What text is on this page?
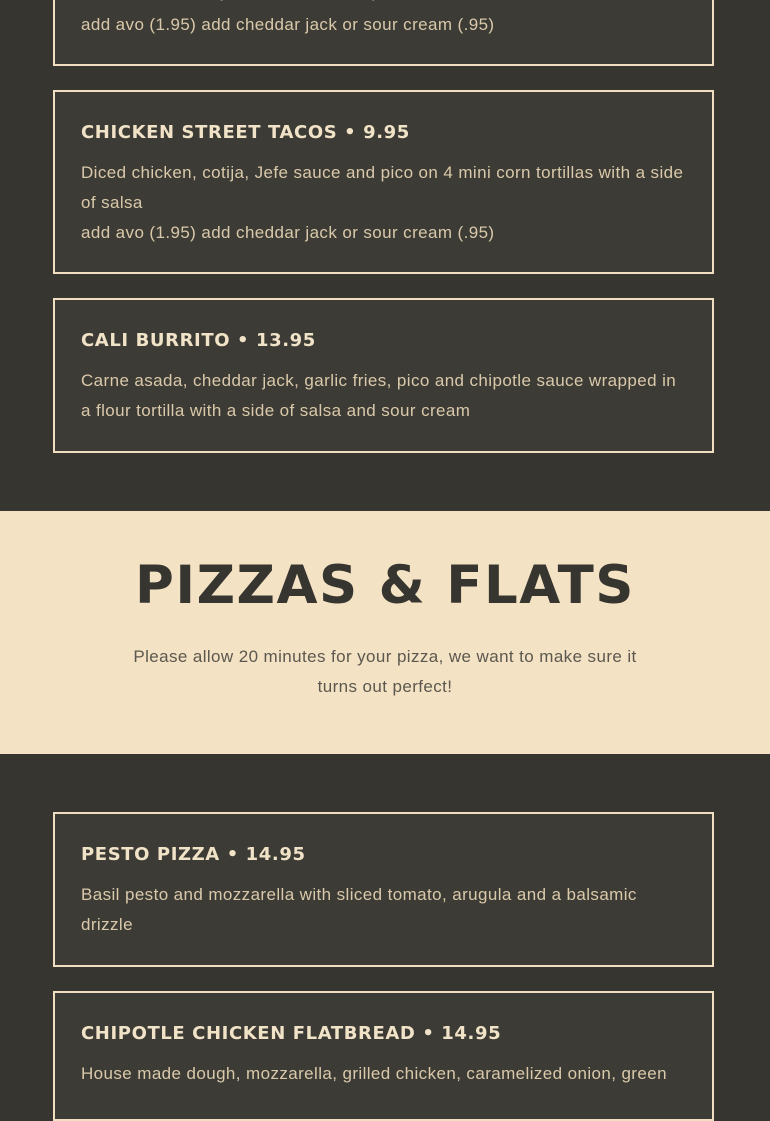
add avo (1.95) add cheddar jack or sour cream (.95)

CHICKEN STREET TACOS • 9.95

Diced chicken, cotija, Jefe sauce and pico on 4 mini corn tortillas with a side of salsa

add avo (1.95) add cheddar jack or sour cream (.95)

CALI BURRITO • 13.95

Carne asada, cheddar jack, garlic fries, pico and chipotle sauce wrapped in a flour tortilla with a side of salsa and sour cream

PIZZAS & FLATS

Please allow 20 minutes for your pizza, we want to make sure it turns out perfect!

PESTO PIZZA • 14.95

Basil pesto and mozzarella with sliced tomato, arugula and a balsamic drizzle

CHIPOTLE CHICKEN FLATBREAD • 14.95

House made dough, mozzarella, grilled chicken, caramelized onion, green
